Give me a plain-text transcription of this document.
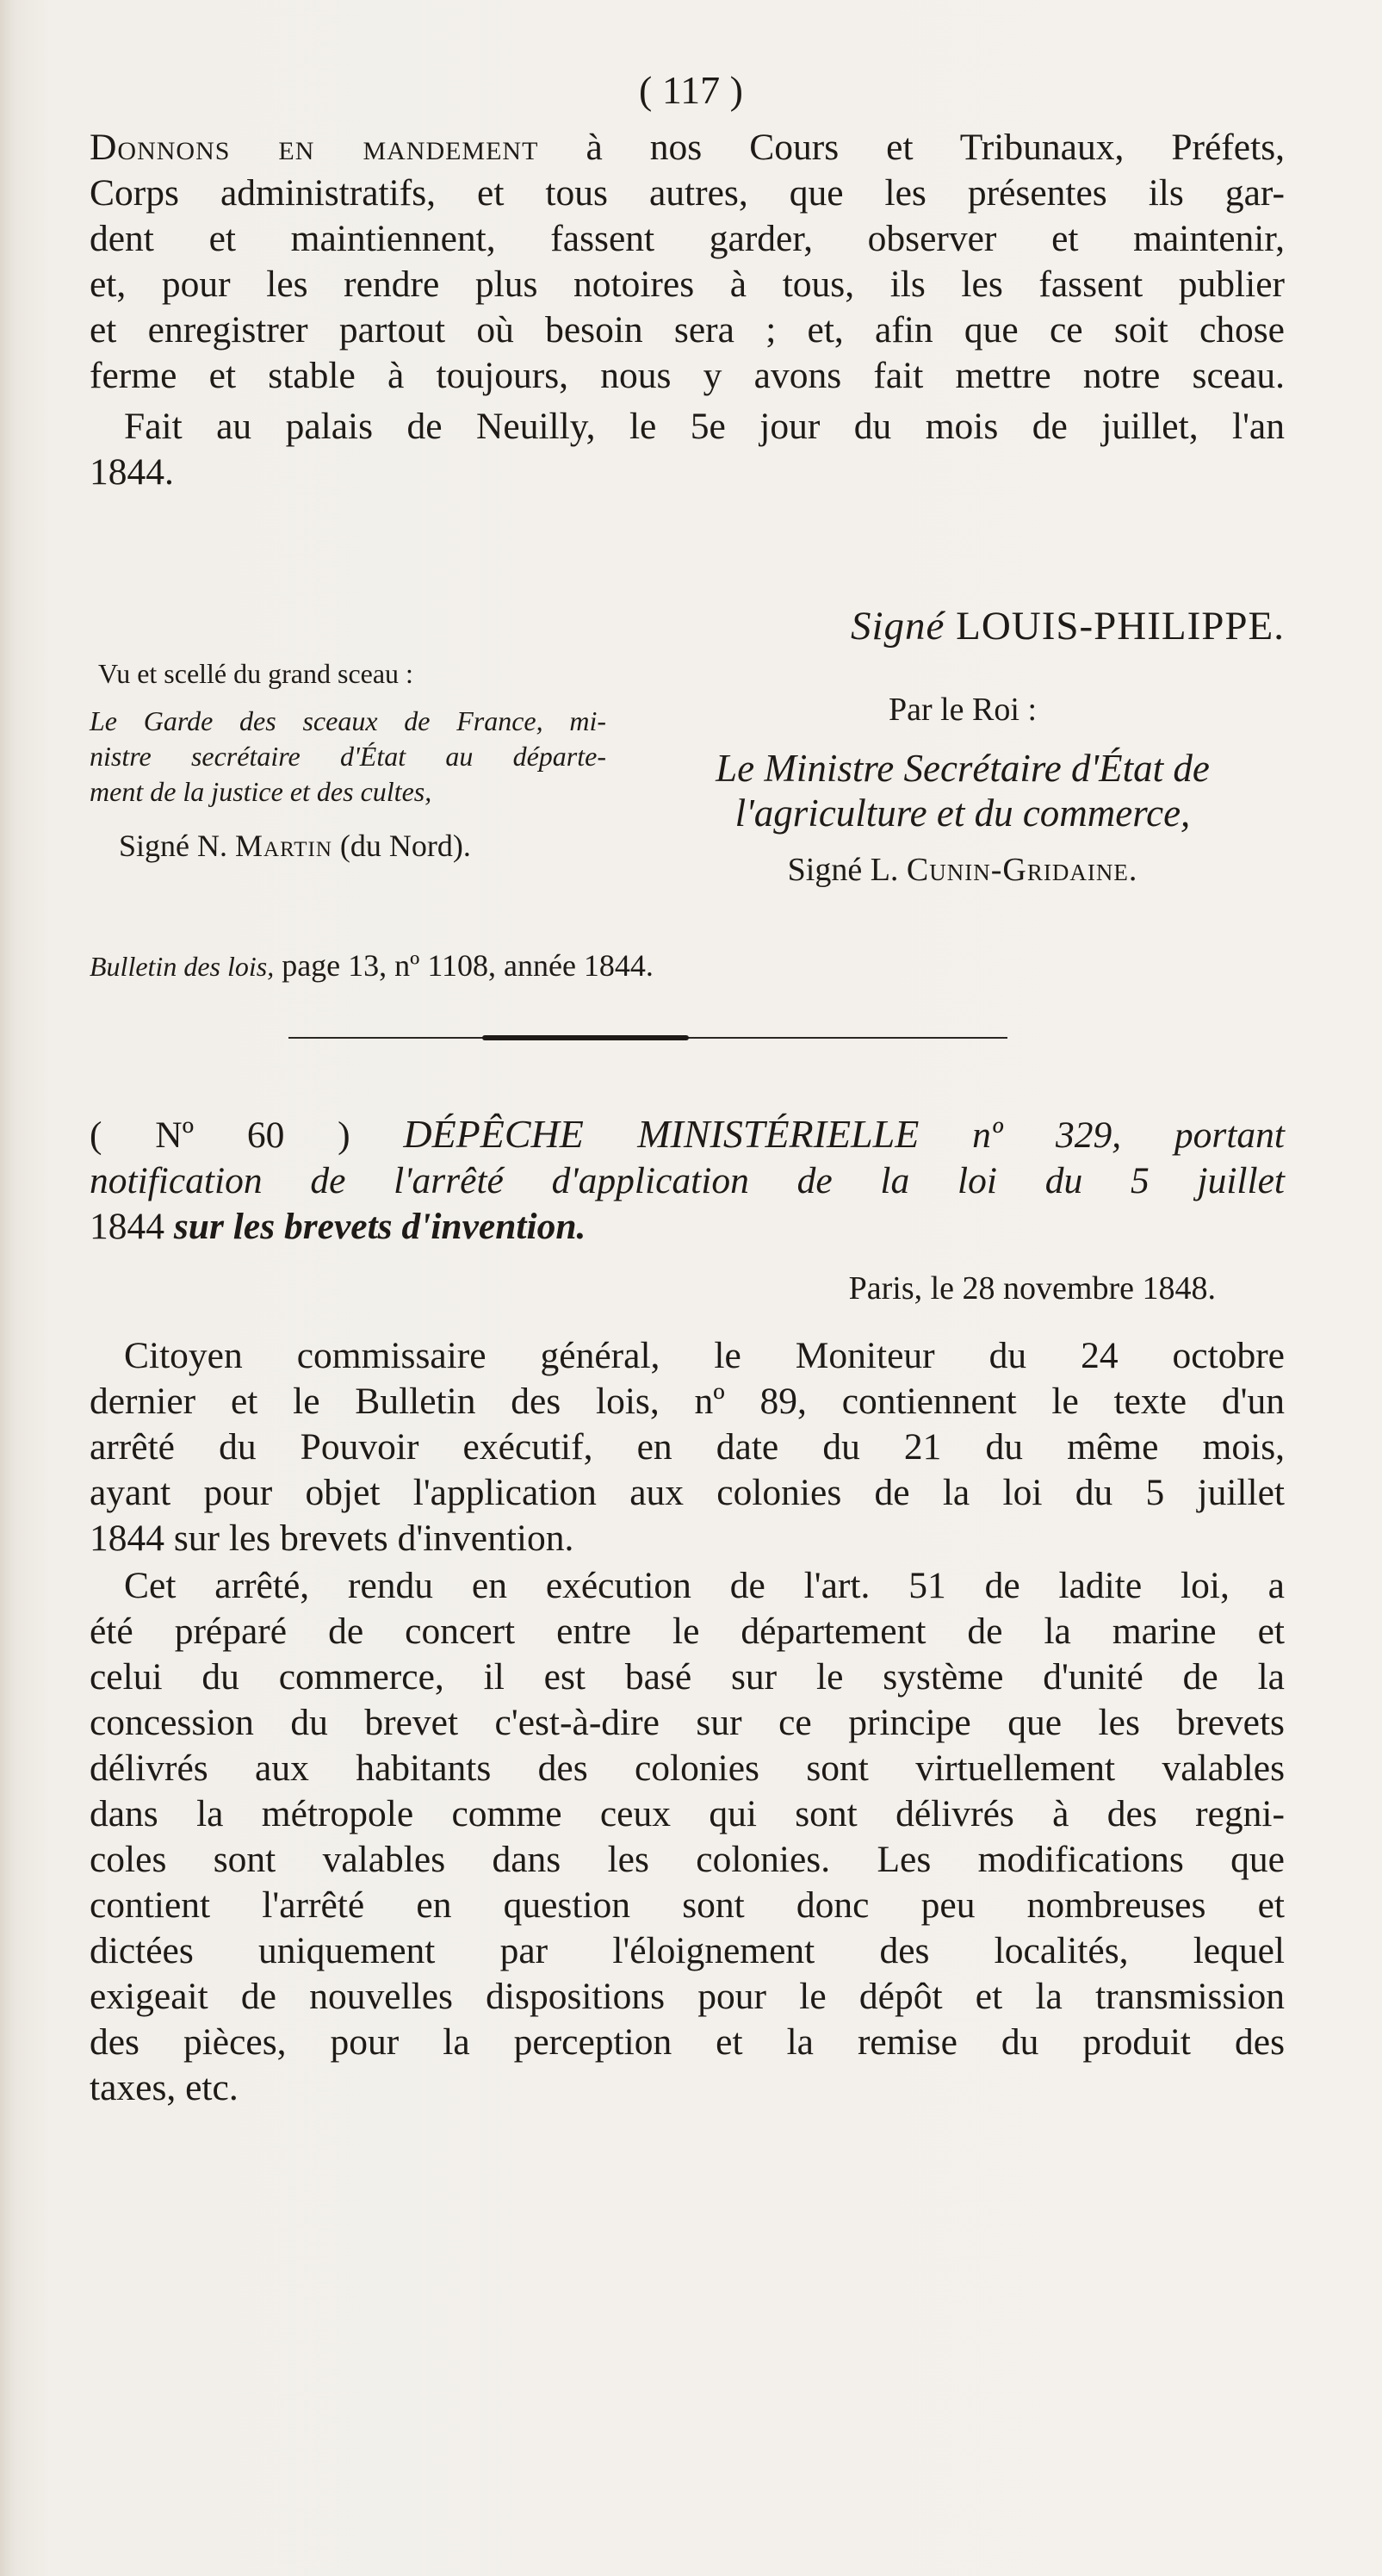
( 117 )

Donnons en mandement à nos Cours et Tribunaux, Préfets,

Corps administratifs, et tous autres, que les présentes ils gar-

dent et maintiennent, fassent garder, observer et maintenir,

et, pour les rendre plus notoires à tous, ils les fassent publier

et enregistrer partout où besoin sera ; et, afin que ce soit chose

ferme et stable à toujours, nous y avons fait mettre notre sceau.

Fait au palais de Neuilly, le 5e jour du mois de juillet, l'an

1844.

Signé LOUIS-PHILIPPE.
Vu et scellé du grand sceau :
Le Garde des sceaux de France, mi-
nistre secrétaire d'État au départe-
ment de la justice et des cultes,
Signé N. Martin (du Nord).
Par le Roi :
Le Ministre Secrétaire d'État de
l'agriculture et du commerce,
Signé L. Cunin-Gridaine.
Bulletin des lois, page 13, nº 1108, année 1844.
( Nº 60 ) DÉPÊCHE MINISTÉRIELLE nº 329, portant
notification de l'arrêté d'application de la loi du 5 juillet
1844 sur les brevets d'invention.
Paris, le 28 novembre 1848.

Citoyen commissaire général, le Moniteur du 24 octobre

dernier et le Bulletin des lois, nº 89, contiennent le texte d'un

arrêté du Pouvoir exécutif, en date du 21 du même mois,

ayant pour objet l'application aux colonies de la loi du 5 juillet

1844 sur les brevets d'invention.

Cet arrêté, rendu en exécution de l'art. 51 de ladite loi, a

été préparé de concert entre le département de la marine et

celui du commerce, il est basé sur le système d'unité de la

concession du brevet c'est-à-dire sur ce principe que les brevets

délivrés aux habitants des colonies sont virtuellement valables

dans la métropole comme ceux qui sont délivrés à des regni-

coles sont valables dans les colonies. Les modifications que

contient l'arrêté en question sont donc peu nombreuses et

dictées uniquement par l'éloignement des localités, lequel

exigeait de nouvelles dispositions pour le dépôt et la transmission

des pièces, pour la perception et la remise du produit des

taxes, etc.
